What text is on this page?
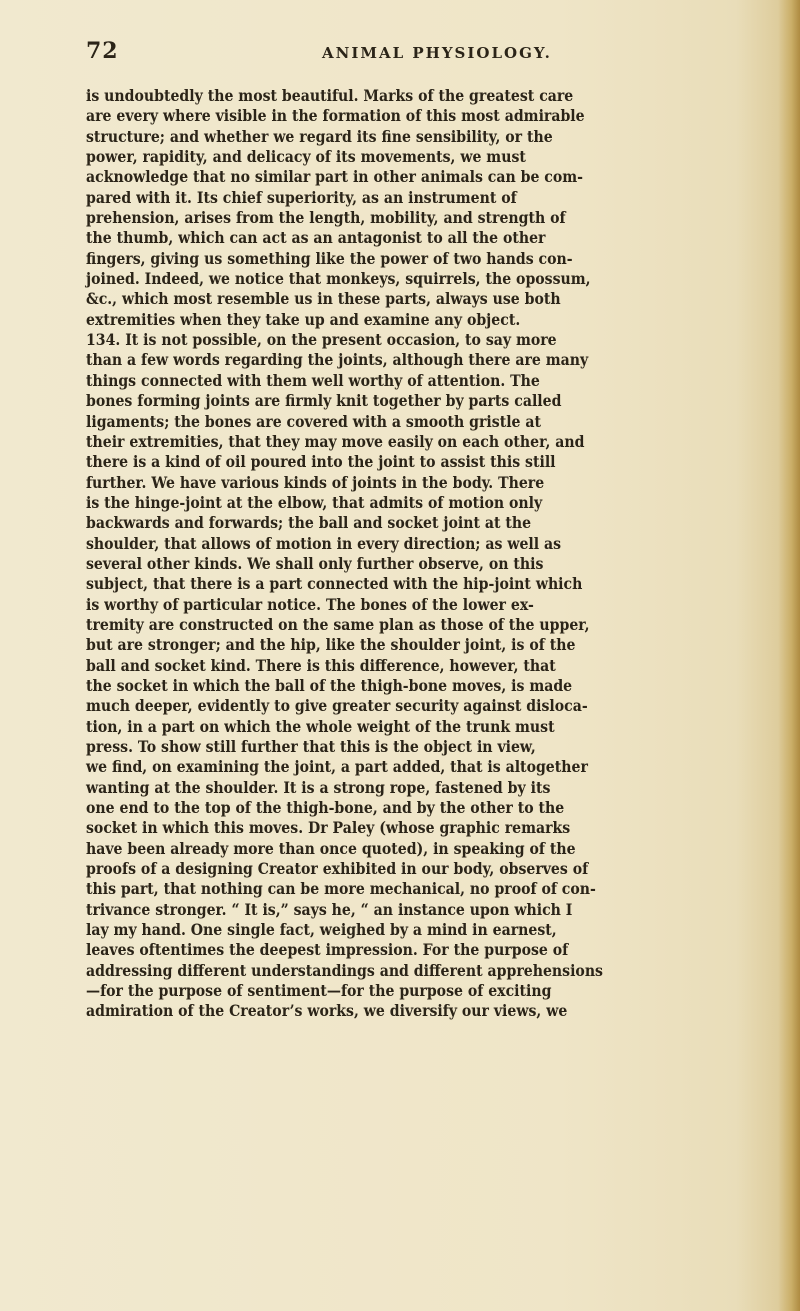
72	ANIMAL PHYSIOLOGY.
is undoubtedly the most beautiful. Marks of the greatest care
are every where visible in the formation of this most admirable
structure; and whether we regard its fine sensibility, or the
power, rapidity, and delicacy of its movements, we must
acknowledge that no similar part in other animals can be com-
pared with it. Its chief superiority, as an instrument of
prehension, arises from the length, mobility, and strength of
the thumb, which can act as an antagonist to all the other
fingers, giving us something like the power of two hands con-
joined. Indeed, we notice that monkeys, squirrels, the opossum,
&c., which most resemble us in these parts, always use both
extremities when they take up and examine any object.
134. It is not possible, on the present occasion, to say more
than a few words regarding the joints, although there are many
things connected with them well worthy of attention. The
bones forming joints are firmly knit together by parts called
ligaments; the bones are covered with a smooth gristle at
their extremities, that they may move easily on each other, and
there is a kind of oil poured into the joint to assist this still
further. We have various kinds of joints in the body. There
is the hinge-joint at the elbow, that admits of motion only
backwards and forwards; the ball and socket joint at the
shoulder, that allows of motion in every direction; as well as
several other kinds. We shall only further observe, on this
subject, that there is a part connected with the hip-joint which
is worthy of particular notice. The bones of the lower ex-
tremity are constructed on the same plan as those of the upper,
but are stronger; and the hip, like the shoulder joint, is of the
ball and socket kind. There is this difference, however, that
the socket in which the ball of the thigh-bone moves, is made
much deeper, evidently to give greater security against disloca-
tion, in a part on which the whole weight of the trunk must
press. To show still further that this is the object in view,
we find, on examining the joint, a part added, that is altogether
wanting at the shoulder. It is a strong rope, fastened by its
one end to the top of the thigh-bone, and by the other to the
socket in which this moves. Dr Paley (whose graphic remarks
have been already more than once quoted), in speaking of the
proofs of a designing Creator exhibited in our body, observes of
this part, that nothing can be more mechanical, no proof of con-
trivance stronger. “ It is,” says he, “ an instance upon which I
lay my hand. One single fact, weighed by a mind in earnest,
leaves oftentimes the deepest impression. For the purpose of
addressing different understandings and different apprehensions
—for the purpose of sentiment—for the purpose of exciting
admiration of the Creator’s works, we diversify our views, we
